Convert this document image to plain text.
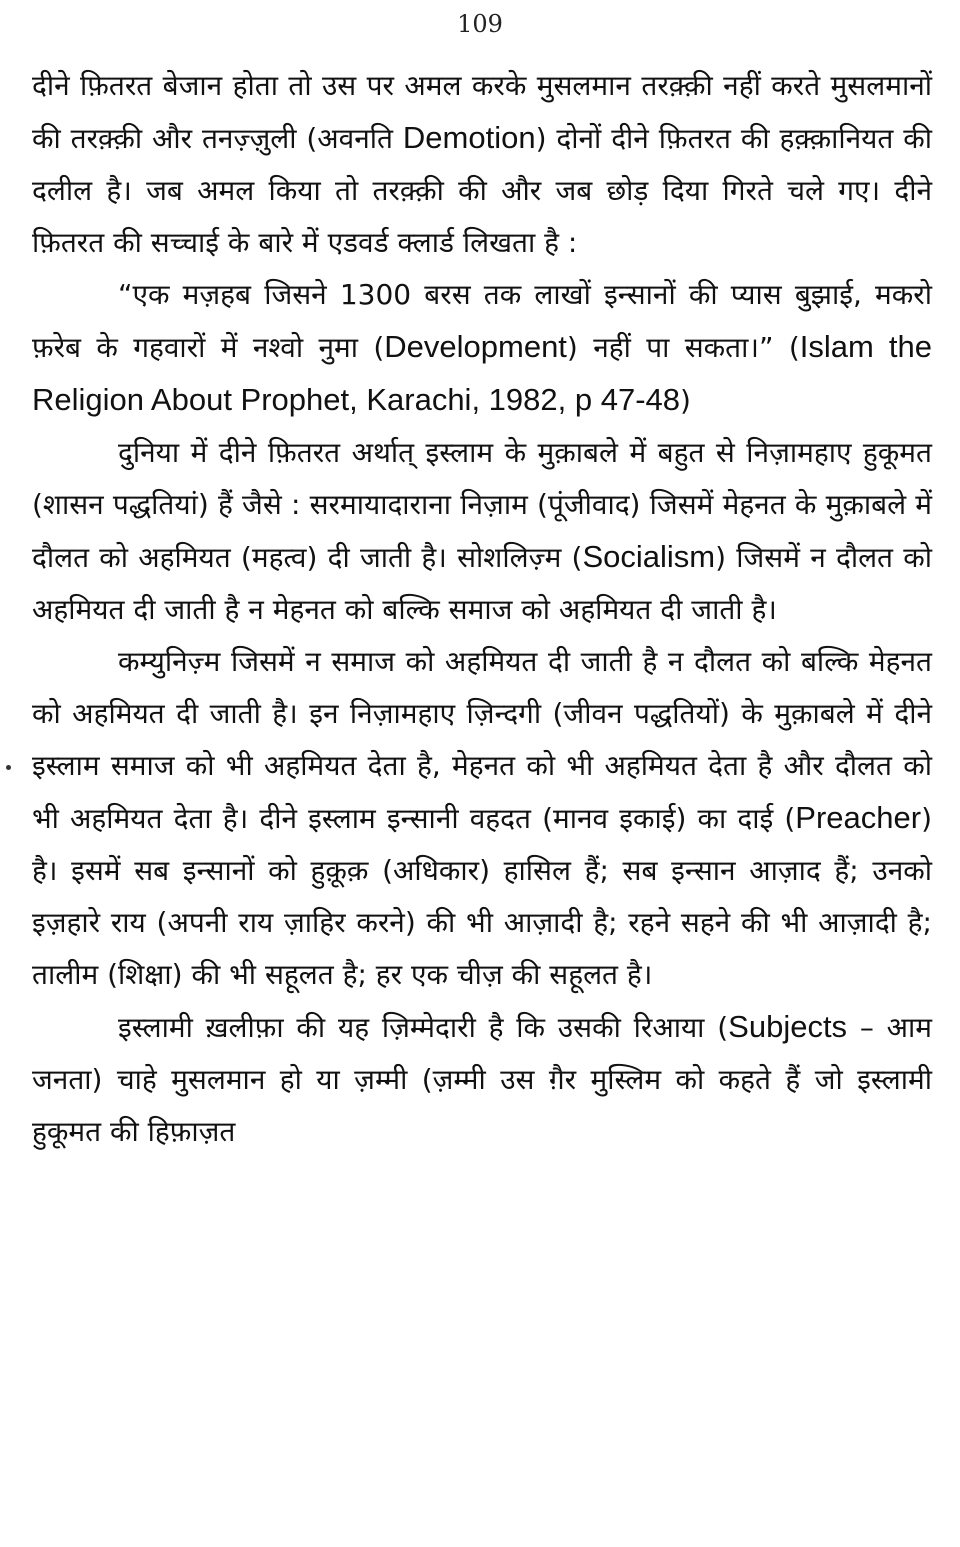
109

दीने फ़ितरत बेजान होता तो उस पर अमल करके मुसलमान तरक़्क़ी नहीं करते मुसलमानों की तरक़्क़ी और तनज़्ज़ुली (अवनति Demotion) दोनों दीने फ़ितरत की हक़्क़ानियत की दलील है। जब अमल किया तो तरक़्क़ी की और जब छोड़ दिया गिरते चले गए। दीने फ़ितरत की सच्चाई के बारे में एडवर्ड क्लार्ड लिखता है :

“एक मज़हब जिसने 1300 बरस तक लाखों इन्सानों की प्यास बुझाई, मकरो फ़रेब के गहवारों में नश्वो नुमा (Development) नहीं पा सकता।” (Islam the Religion About Prophet, Karachi, 1982, p 47-48)

दुनिया में दीने फ़ितरत अर्थात् इस्लाम के मुक़ाबले में बहुत से निज़ामहाए हुकूमत (शासन पद्धतियां) हैं जैसे : सरमायादाराना निज़ाम (पूंजीवाद) जिसमें मेहनत के मुक़ाबले में दौलत को अहमियत (महत्व) दी जाती है। सोशलिज़्म (Socialism) जिसमें न दौलत को अहमियत दी जाती है न मेहनत को बल्कि समाज को अहमियत दी जाती है।

कम्युनिज़्म जिसमें न समाज को अहमियत दी जाती है न दौलत को बल्कि मेहनत को अहमियत दी जाती है। इन निज़ामहाए ज़िन्दगी (जीवन पद्धतियों) के मुक़ाबले में दीने इस्लाम समाज को भी अहमियत देता है, मेहनत को भी अहमियत देता है और दौलत को भी अहमियत देता है। दीने इस्लाम इन्सानी वहदत (मानव इकाई) का दाई (Preacher) है। इसमें सब इन्सानों को हुक़ूक़ (अधिकार) हासिल हैं; सब इन्सान आज़ाद हैं; उनको इज़हारे राय (अपनी राय ज़ाहिर करने) की भी आज़ादी है; रहने सहने की भी आज़ादी है; तालीम (शिक्षा) की भी सहूलत है; हर एक चीज़ की सहूलत है।

इस्लामी ख़लीफ़ा की यह ज़िम्मेदारी है कि उसकी रिआया (Subjects – आम जनता) चाहे मुसलमान हो या ज़म्मी (ज़म्मी उस ग़ैर मुस्लिम को कहते हैं जो इस्लामी हुकूमत की हिफ़ाज़त
